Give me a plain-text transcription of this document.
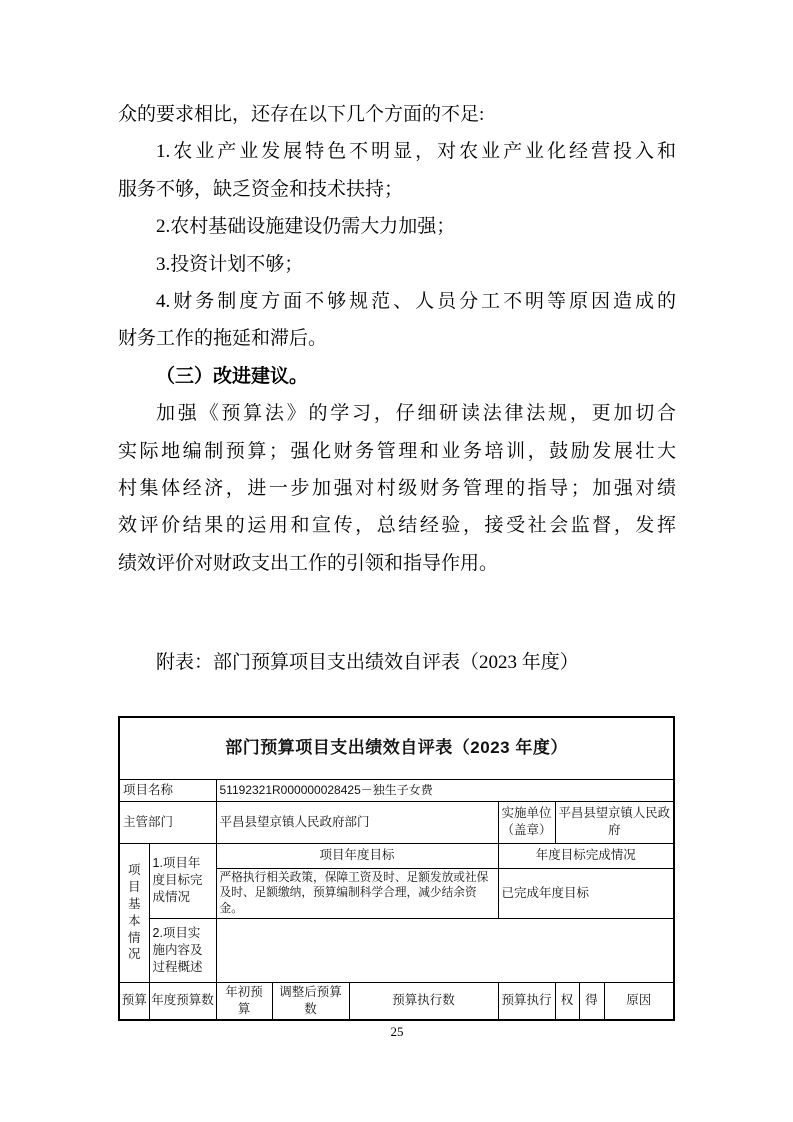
众的要求相比，还存在以下几个方面的不足:
1.农业产业发展特色不明显，对农业产业化经营投入和
服务不够，缺乏资金和技术扶持；
2.农村基础设施建设仍需大力加强；
3.投资计划不够；
4.财务制度方面不够规范、人员分工不明等原因造成的
财务工作的拖延和滞后。
（三）改进建议。
加强《预算法》的学习，仔细研读法律法规，更加切合
实际地编制预算；强化财务管理和业务培训，鼓励发展壮大
村集体经济，进一步加强对村级财务管理的指导；加强对绩
效评价结果的运用和宣传，总结经验，接受社会监督，发挥
绩效评价对财政支出工作的引领和指导作用。
附表：部门预算项目支出绩效自评表（2023 年度）
部门预算项目支出绩效自评表（2023 年度）								
项目名称		51192321R000000028425－独生子女费						
主管部门		平昌县望京镇人民政府部门			实施单位（盖章）	平昌县望京镇人民政府		
项目基本情况	1.项目年度目标完成情况	项目年度目标			年度目标完成情况			
		严格执行相关政策，保障工资及时、足额发放或社保及时、足额缴纳，预算编制科学合理，减少结余资金。			已完成年度目标			
	2.项目实施内容及过程概述							
预算	年度预算数	年初预算	调整后预算数	预算执行数	预算执行	权	得	原因
25
